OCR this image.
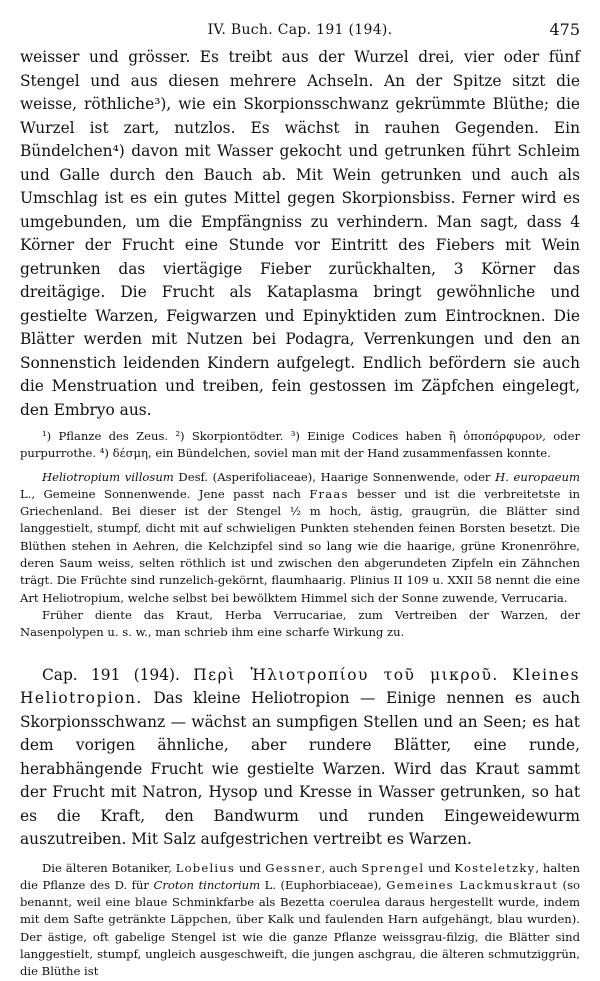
IV. Buch. Cap. 191 (194).	475

weisser und grösser. Es treibt aus der Wurzel drei, vier oder fünf Stengel und aus diesen mehrere Achseln. An der Spitze sitzt die weisse, röthliche³), wie ein Skorpionsschwanz gekrümmte Blüthe; die Wurzel ist zart, nutzlos. Es wächst in rauhen Gegenden. Ein Bündelchen⁴) davon mit Wasser gekocht und getrunken führt Schleim und Galle durch den Bauch ab. Mit Wein getrunken und auch als Umschlag ist es ein gutes Mittel gegen Skorpionsbiss. Ferner wird es umgebunden, um die Empfängniss zu verhindern. Man sagt, dass 4 Körner der Frucht eine Stunde vor Eintritt des Fiebers mit Wein getrunken das viertägige Fieber zurückhalten, 3 Körner das dreitägige. Die Frucht als Kataplasma bringt gewöhnliche und gestielte Warzen, Feigwarzen und Epinyktiden zum Eintrocknen. Die Blätter werden mit Nutzen bei Podagra, Verrenkungen und den an Sonnenstich leidenden Kindern aufgelegt. Endlich befördern sie auch die Menstruation und treiben, fein gestossen im Zäpfchen eingelegt, den Embryo aus.

¹) Pflanze des Zeus. ²) Skorpiontödter. ³) Einige Codices haben ἢ ὀποπόρφυρον, oder purpurrothe. ⁴) δέσμη, ein Bündelchen, soviel man mit der Hand zusammenfassen konnte.

Heliotropium villosum Desf. (Asperifoliaceae), Haarige Sonnenwende, oder H. europaeum L., Gemeine Sonnenwende. Jene passt nach Fraas besser und ist die verbreitetste in Griechenland. Bei dieser ist der Stengel ½ m hoch, ästig, graugrün, die Blätter sind langgestielt, stumpf, dicht mit auf schwieligen Punkten stehenden feinen Borsten besetzt. Die Blüthen stehen in Aehren, die Kelchzipfel sind so lang wie die haarige, grüne Kronenröhre, deren Saum weiss, selten röthlich ist und zwischen den abgerundeten Zipfeln ein Zähnchen trägt. Die Früchte sind runzelich-gekörnt, flaumhaarig. Plinius II 109 u. XXII 58 nennt die eine Art Heliotropium, welche selbst bei bewölktem Himmel sich der Sonne zuwende, Verrucaria.

Früher diente das Kraut, Herba Verrucariae, zum Vertreiben der Warzen, der Nasenpolypen u. s. w., man schrieb ihm eine scharfe Wirkung zu.

Cap. 191 (194). Περὶ Ἡλιοτροπίου τοῦ μικροῦ. Kleines Heliotropion. Das kleine Heliotropion — Einige nennen es auch Skorpionsschwanz — wächst an sumpfigen Stellen und an Seen; es hat dem vorigen ähnliche, aber rundere Blätter, eine runde, herabhängende Frucht wie gestielte Warzen. Wird das Kraut sammt der Frucht mit Natron, Hysop und Kresse in Wasser getrunken, so hat es die Kraft, den Bandwurm und runden Eingeweidewurm auszutreiben. Mit Salz aufgestrichen vertreibt es Warzen.

Die älteren Botaniker, Lobelius und Gessner, auch Sprengel und Kosteletzky, halten die Pflanze des D. für Croton tinctorium L. (Euphorbiaceae), Gemeines Lackmuskraut (so benannt, weil eine blaue Schminkfarbe als Bezetta coerulea daraus hergestellt wurde, indem mit dem Safte getränkte Läppchen, über Kalk und faulenden Harn aufgehängt, blau wurden). Der ästige, oft gabelige Stengel ist wie die ganze Pflanze weissgrau-filzig, die Blätter sind langgestielt, stumpf, ungleich ausgeschweift, die jungen aschgrau, die älteren schmutziggrün, die Blüthe ist
